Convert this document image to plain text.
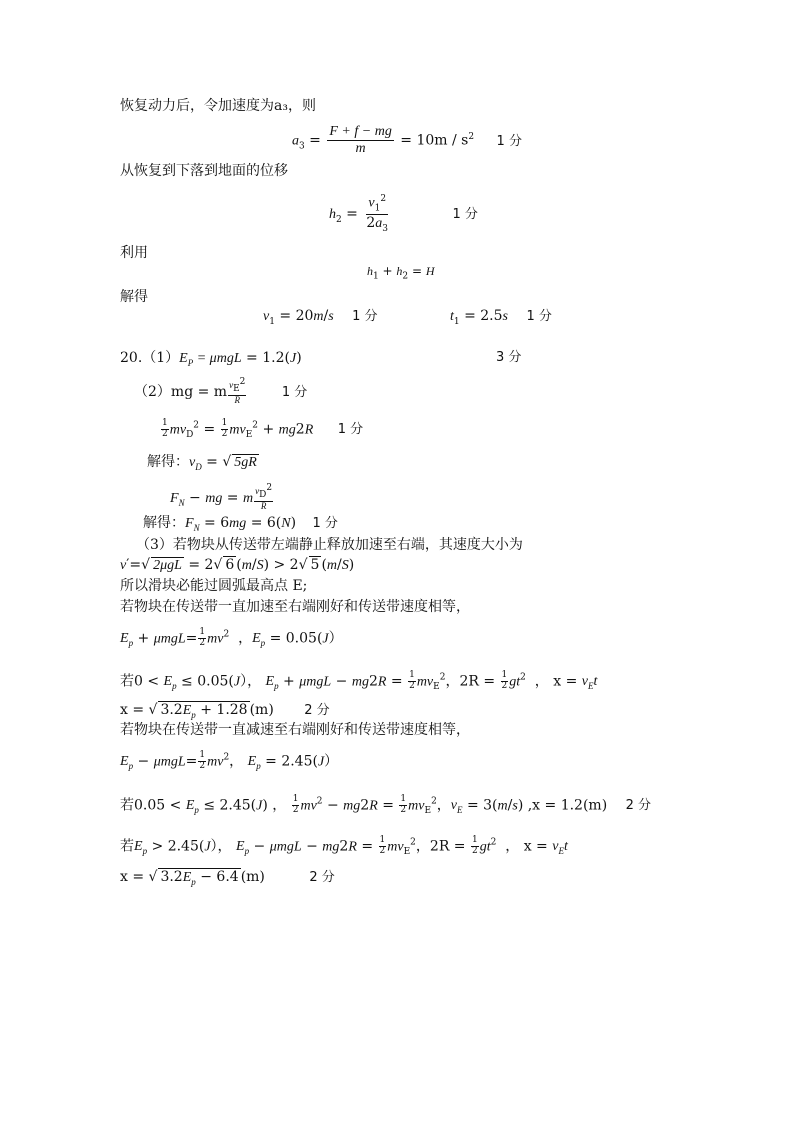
恢复动力后，令加速度为a₃，则
$a_3 = \frac{F + f - mg}{m} = 10m / s^2$ 1 分
从恢复到下落到地面的位移
$h_2 = \frac{v_1^2}{2a_3}$	1 分
利用
$h_1 + h_2 = H$
解得
$v_1 = 20m/s$ 1 分	$t_1 = 2.5s$ 1 分
$20.(1)E_P = \mu mgL = 1.2(J)$	3 分
（2）mg = m $\frac{v_E^2}{R}$	1 分
$\frac{1}{2} mv_D^2 = \frac{1}{2} mv_E^2 + mg2R$ 1 分
解得：$v_D$ = √ 5gR
$F_N$ − mg = m $\frac{v_D^2}{R}$
解得：$F_N = 6mg = 6(N)$ 1 分
（3）若物块从传送带左端静止释放加速至右端，其速度大小为
v′=√ 2μgL = 2√ 6 (m/S) > 2√ 5 (m/S)
所以滑块必能过圆弧最高点 E;
若物块在传送带一直加速至右端刚好和传送带速度相等，
$E_p + \mu mgL= \frac{1}{2} mv^2$  ，$E_p = 0.05(J)$
若$0 < E_p \le 0.05(J)$， $E_p + \mu mgL - mg2R = \frac{1}{2} mv_E^2$，$2R = \frac{1}{2} gt^2$  ， $x = v_Et$
x = √ $3.2E_p + 1.28$ (m) 2 分
若物块在传送带一直减速至右端刚好和传送带速度相等，
$E_p - \mu mgL= \frac{1}{2} mv^2$， $E_p = 2.45(J)$
若$0.05 < E_p \le 2.45(J)$ ， $\frac{1}{2} mv^2 - mg2R = \frac{1}{2} mv_E^2$，$v_E = 3(m/s) ,x = 1.2(m)$ 2 分
若$E_p > 2.45(J)$， $E_p - \mu mgL - mg2R = \frac{1}{2} mv_E^2$，$2R = \frac{1}{2} gt^2$  ， $x = v_Et$
x = √ $3.2E_p - 6.4$ (m)	2 分
